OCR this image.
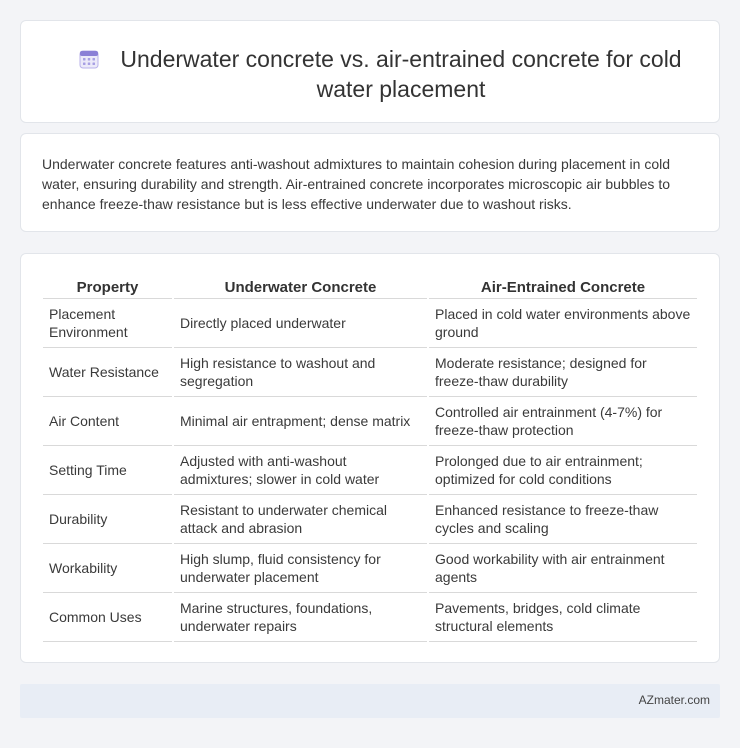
Underwater concrete vs. air-entrained concrete for cold water placement

Underwater concrete features anti-washout admixtures to maintain cohesion during placement in cold water, ensuring durability and strength. Air-entrained concrete incorporates microscopic air bubbles to enhance freeze-thaw resistance but is less effective underwater due to washout risks.

Property	Underwater Concrete	Air-Entrained Concrete
Placement Environment	Directly placed underwater	Placed in cold water environments above ground
Water Resistance	High resistance to washout and segregation	Moderate resistance; designed for freeze-thaw durability
Air Content	Minimal air entrapment; dense matrix	Controlled air entrainment (4-7%) for freeze-thaw protection
Setting Time	Adjusted with anti-washout admixtures; slower in cold water	Prolonged due to air entrainment; optimized for cold conditions
Durability	Resistant to underwater chemical attack and abrasion	Enhanced resistance to freeze-thaw cycles and scaling
Workability	High slump, fluid consistency for underwater placement	Good workability with air entrainment agents
Common Uses	Marine structures, foundations, underwater repairs	Pavements, bridges, cold climate structural elements
AZmater.com
